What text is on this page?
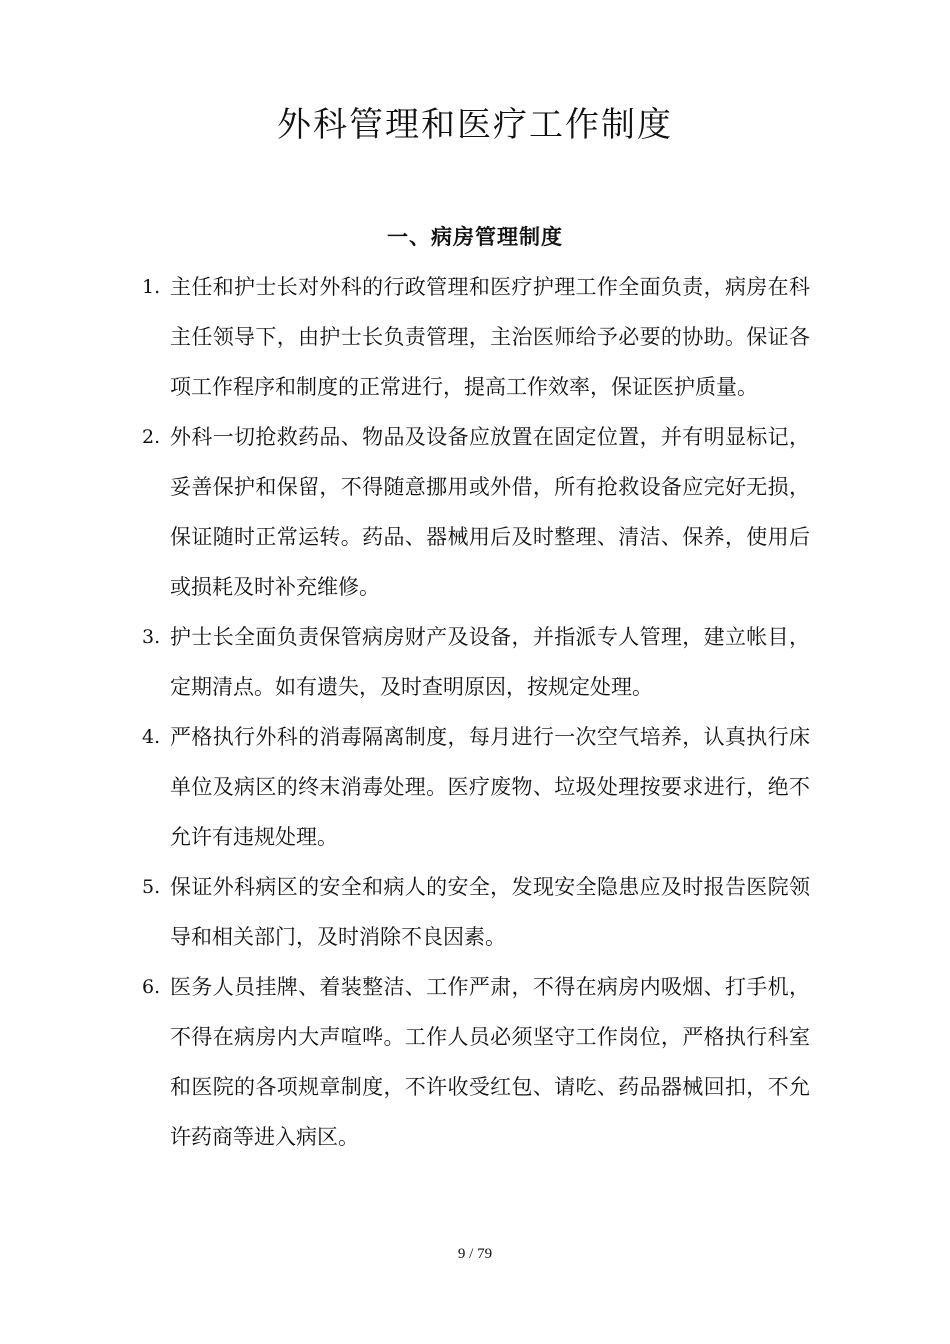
外科管理和医疗工作制度
一、病房管理制度
1. 主任和护士长对外科的行政管理和医疗护理工作全面负责，病房在科主任领导下，由护士长负责管理，主治医师给予必要的协助。保证各项工作程序和制度的正常进行，提高工作效率，保证医护质量。
2. 外科一切抢救药品、物品及设备应放置在固定位置，并有明显标记，妥善保护和保留，不得随意挪用或外借，所有抢救设备应完好无损，保证随时正常运转。药品、器械用后及时整理、清洁、保养，使用后或损耗及时补充维修。
3. 护士长全面负责保管病房财产及设备，并指派专人管理，建立帐目，定期清点。如有遗失，及时查明原因，按规定处理。
4. 严格执行外科的消毒隔离制度，每月进行一次空气培养，认真执行床单位及病区的终末消毒处理。医疗废物、垃圾处理按要求进行，绝不允许有违规处理。
5. 保证外科病区的安全和病人的安全，发现安全隐患应及时报告医院领导和相关部门，及时消除不良因素。
6. 医务人员挂牌、着装整洁、工作严肃，不得在病房内吸烟、打手机，不得在病房内大声喧哗。工作人员必须坚守工作岗位，严格执行科室和医院的各项规章制度，不许收受红包、请吃、药品器械回扣，不允许药商等进入病区。
9 / 79
